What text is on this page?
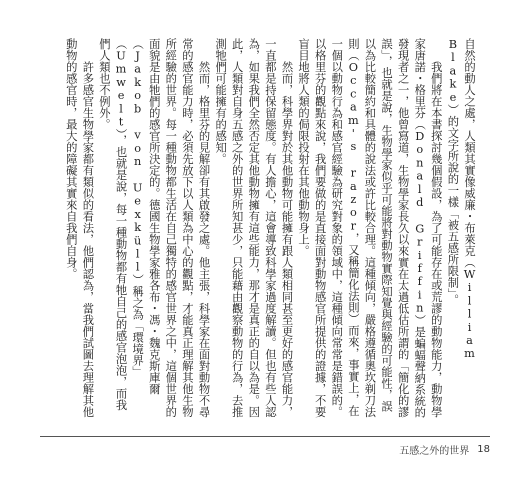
自然的動人之處，人類其實像威廉・布萊克（William Blake）的文字所說的一樣「被五感所限制」。

我們將在本書探討幾個假設，為了可能存在或荒謬的動物能力，動物學家唐諾・格里芬（Donald Griffin）是蝙蝠聲納系統的發現者之一，他曾寫道，生物學家長久以來實在太過低估所謂的「簡化的謬誤」，也就是說，生物學家似乎可能將對動物實際知覺與經驗的可能性，誤以為比較簡約和具體的說法或許比較合理。這種傾向，嚴格遵循奧坎剃刀法則（Occam's razor，又稱簡化法則）而來，事實上，在一個以動物行為和感官經驗為研究對象的領域中，這種傾向常常是錯誤的。以格里芬的觀點來說，我們要做的是直接面對動物感官所提供的證據，不要盲目地將人類的侷限投射在其他動物身上。

然而，科學界對於其他動物可能擁有跟人類相同甚至更好的感官能力，一直都是持保留態度。有人擔心，這會導致科學家過度解讀。但也有些人認為，如果我們全然否定其他動物擁有這些能力，那才是真正的自以為是。因此，人類對自身五感之外的世界所知甚少，只能藉由觀察動物的行為，去推測牠們可能擁有的感知。

然而，格里芬的見解卻有其啟發之處。他主張，科學家在面對動物不尋常的感官能力時，必須先放下以人類為中心的觀點，才能真正理解其他生物所經驗的世界。每一種動物都生活在自己獨特的感官世界之中，這個世界的面貌是由牠們的感官所決定的。德國生物學家雅各布・馮・魏克斯庫爾（Jakob von Uexküll）稱之為「環境界」（Umwelt），也就是說，每一種動物都有牠自己的感官泡泡，而我們人類也不例外。

許多感官生物學家都有類似的看法，他們認為，當我們試圖去理解其他動物的感官時，最大的障礙其實來自我們自身。

五感之外的世界 18
